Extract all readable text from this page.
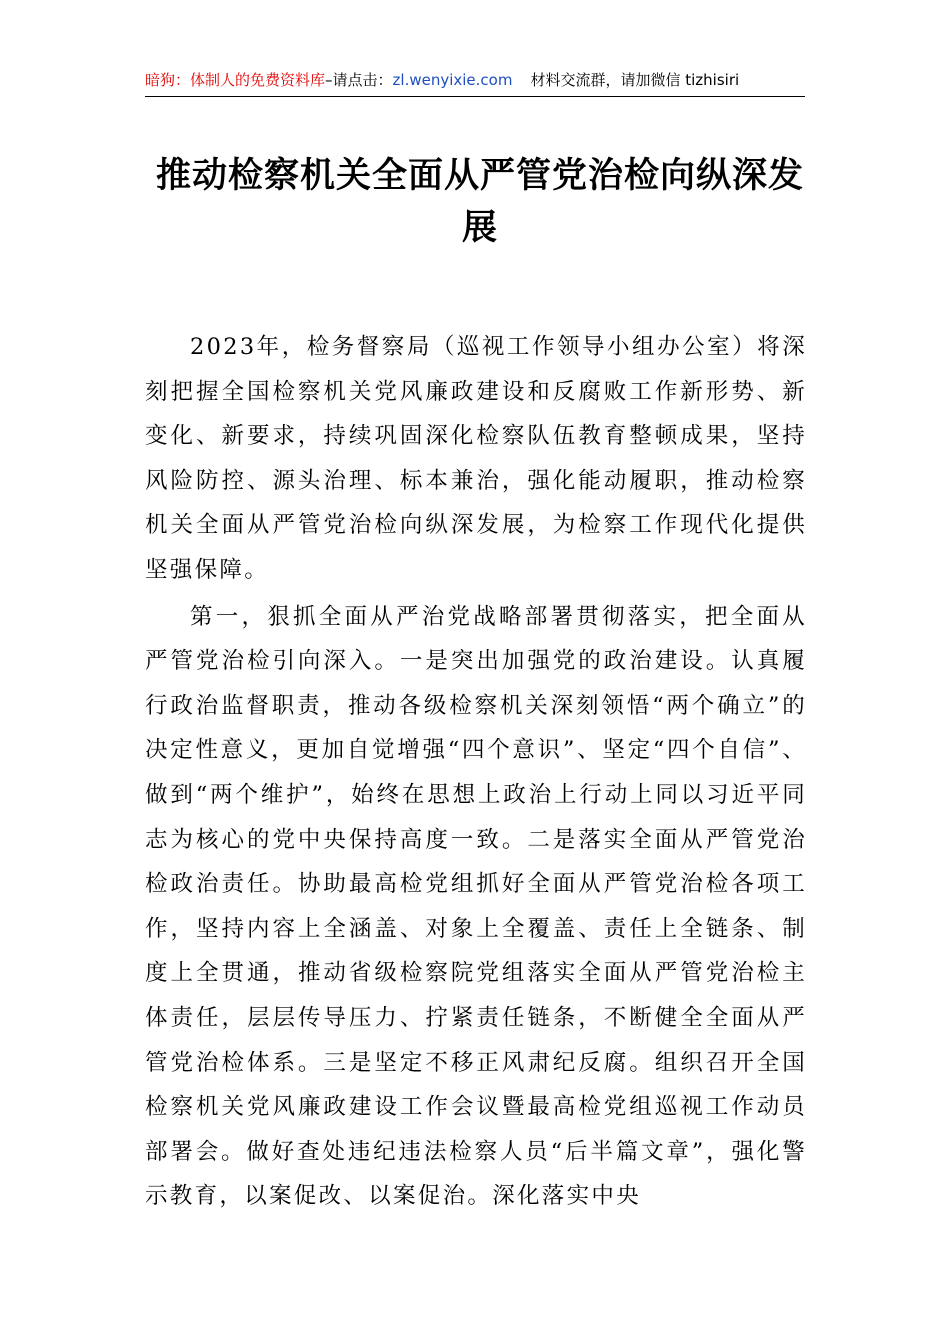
暗狗：体制人的免费资料库–请点击：zl.wenyixie.com 材料交流群，请加微信 tizhisiri
推动检察机关全面从严管党治检向纵深发展

2023年，检务督察局（巡视工作领导小组办公室）将深刻把握全国检察机关党风廉政建设和反腐败工作新形势、新变化、新要求，持续巩固深化检察队伍教育整顿成果，坚持风险防控、源头治理、标本兼治，强化能动履职，推动检察机关全面从严管党治检向纵深发展，为检察工作现代化提供坚强保障。

第一，狠抓全面从严治党战略部署贯彻落实，把全面从严管党治检引向深入。一是突出加强党的政治建设。认真履行政治监督职责，推动各级检察机关深刻领悟“两个确立”的决定性意义，更加自觉增强“四个意识”、坚定“四个自信”、做到“两个维护”，始终在思想上政治上行动上同以习近平同志为核心的党中央保持高度一致。二是落实全面从严管党治检政治责任。协助最高检党组抓好全面从严管党治检各项工作，坚持内容上全涵盖、对象上全覆盖、责任上全链条、制度上全贯通，推动省级检察院党组落实全面从严管党治检主体责任，层层传导压力、拧紧责任链条，不断健全全面从严管党治检体系。三是坚定不移正风肃纪反腐。组织召开全国检察机关党风廉政建设工作会议暨最高检党组巡视工作动员部署会。做好查处违纪违法检察人员“后半篇文章”，强化警示教育，以案促改、以案促治。深化落实中央
